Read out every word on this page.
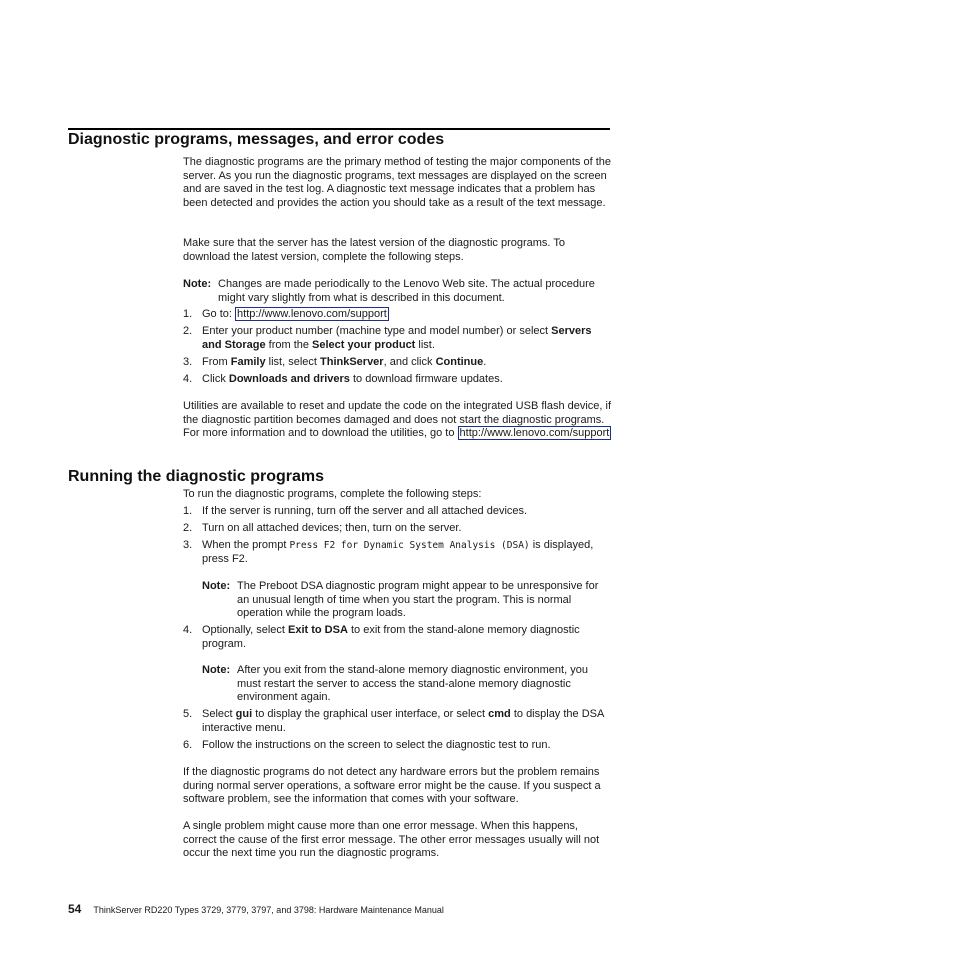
Diagnostic programs, messages, and error codes

The diagnostic programs are the primary method of testing the major components of the server. As you run the diagnostic programs, text messages are displayed on the screen and are saved in the test log. A diagnostic text message indicates that a problem has been detected and provides the action you should take as a result of the text message.

Make sure that the server has the latest version of the diagnostic programs. To download the latest version, complete the following steps.

Note: Changes are made periodically to the Lenovo Web site. The actual procedure might vary slightly from what is described in this document.
1. Go to: http://www.lenovo.com/support
2. Enter your product number (machine type and model number) or select Servers and Storage from the Select your product list.
3. From Family list, select ThinkServer, and click Continue.
4. Click Downloads and drivers to download firmware updates.

Utilities are available to reset and update the code on the integrated USB flash device, if the diagnostic partition becomes damaged and does not start the diagnostic programs. For more information and to download the utilities, go to http://www.lenovo.com/support

Running the diagnostic programs

To run the diagnostic programs, complete the following steps:

1. If the server is running, turn off the server and all attached devices.
2. Turn on all attached devices; then, turn on the server.
3. When the prompt Press F2 for Dynamic System Analysis (DSA) is displayed, press F2.
Note: The Preboot DSA diagnostic program might appear to be unresponsive for an unusual length of time when you start the program. This is normal operation while the program loads.
4. Optionally, select Exit to DSA to exit from the stand-alone memory diagnostic program.
Note: After you exit from the stand-alone memory diagnostic environment, you must restart the server to access the stand-alone memory diagnostic environment again.
5. Select gui to display the graphical user interface, or select cmd to display the DSA interactive menu.
6. Follow the instructions on the screen to select the diagnostic test to run.

If the diagnostic programs do not detect any hardware errors but the problem remains during normal server operations, a software error might be the cause. If you suspect a software problem, see the information that comes with your software.

A single problem might cause more than one error message. When this happens, correct the cause of the first error message. The other error messages usually will not occur the next time you run the diagnostic programs.

54 ThinkServer RD220 Types 3729, 3779, 3797, and 3798: Hardware Maintenance Manual
